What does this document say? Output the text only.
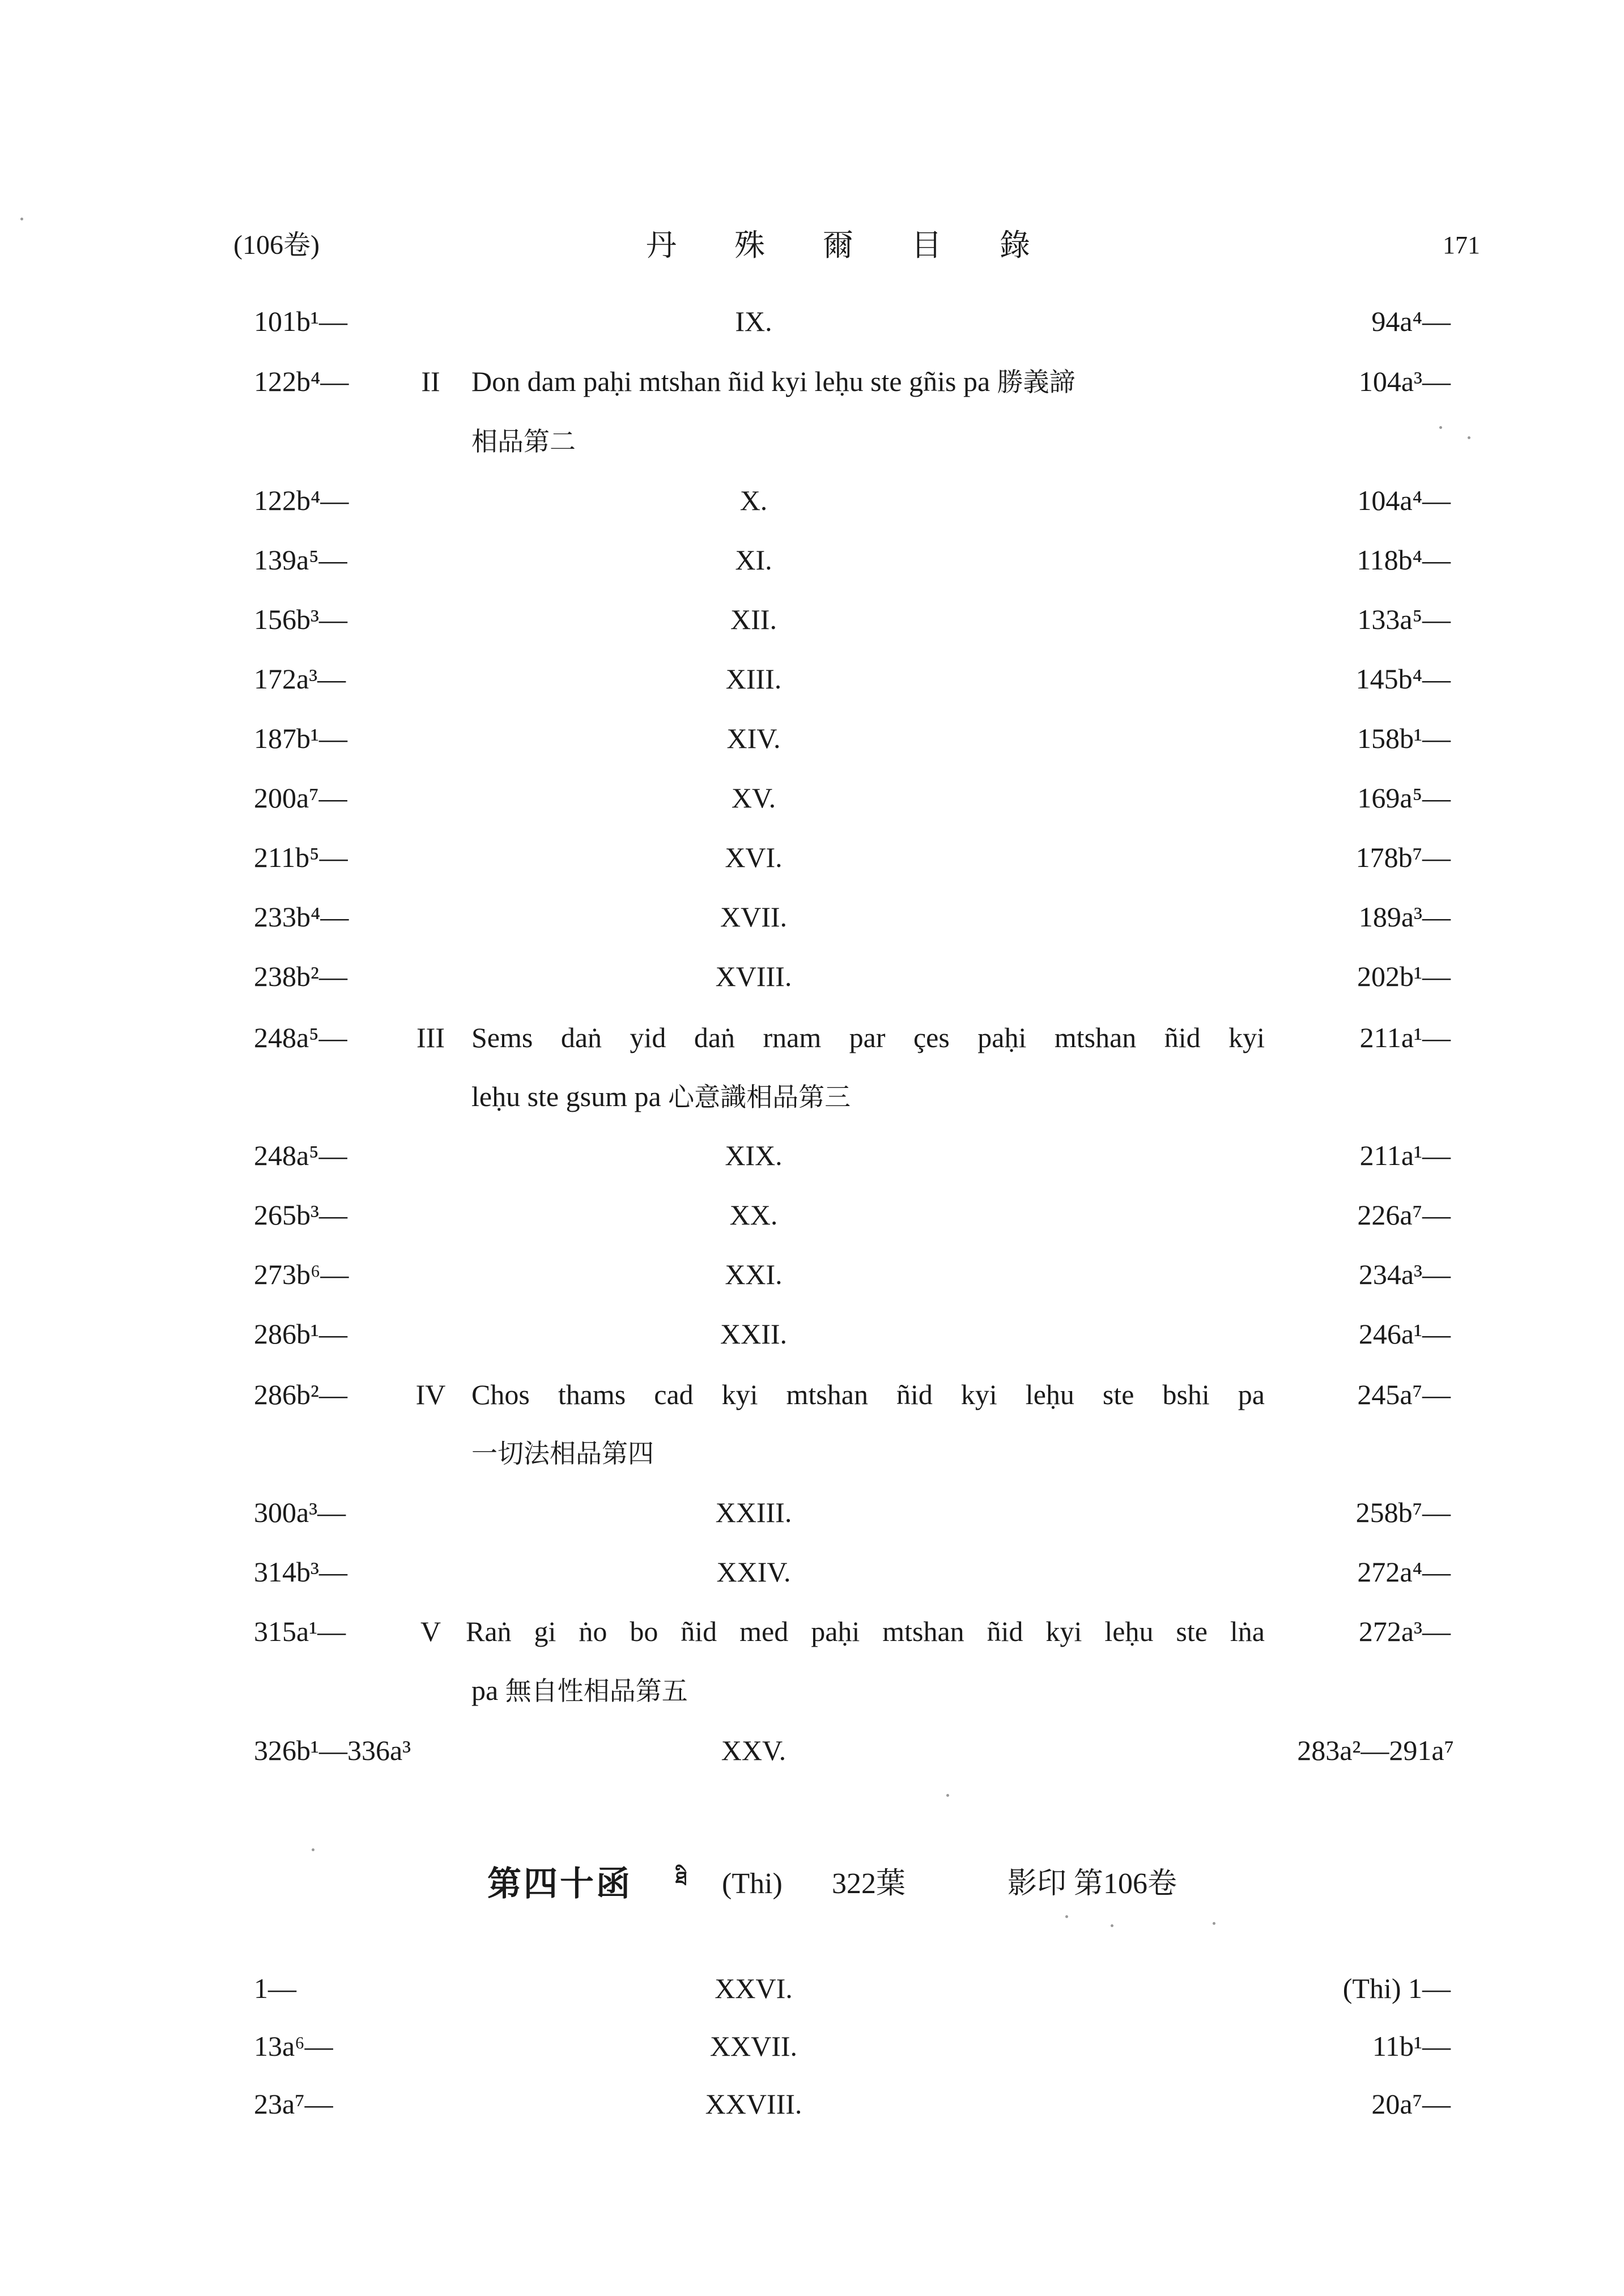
(106卷)	丹殊爾目錄	171
101b¹—	IX.	94a⁴—
122b⁴—	II	Don dam paḥi mtshan ñid kyi leḥu ste gñis pa 勝義諦	104a³—
相品第二
122b⁴—	X.	104a⁴—
139a⁵—	XI.	118b⁴—
156b³—	XII.	133a⁵—
172a³—	XIII.	145b⁴—
187b¹—	XIV.	158b¹—
200a⁷—	XV.	169a⁵—
211b⁵—	XVI.	178b⁷—
233b⁴—	XVII.	189a³—
238b²—	XVIII.	202b¹—
248a⁵—	III Sems daṅ yid daṅ rnam par çes paḥi mtshan ñid kyi	211a¹—
leḥu ste gsum pa 心意識相品第三
248a⁵—	XIX.	211a¹—
265b³—	XX.	226a⁷—
273b⁶—	XXI.	234a³—
286b¹—	XXII.	246a¹—
286b²—	IV Chos thams cad kyi mtshan ñid kyi leḥu ste bshi pa	245a⁷—
一切法相品第四
300a³—	XXIII.	258b⁷—
314b³—	XXIV.	272a⁴—
315a¹—	V Raṅ gi ṅo bo ñid med paḥi mtshan ñid kyi leḥu ste lṅa	272a³—
pa 無自性相品第五
326b¹—336a³	XXV.	283a²—291a⁷
第四十函 ཐི (Thi) 322葉	影印 第106卷
1—	XXVI.	(Thi) 1—
13a⁶—	XXVII.	11b¹—
23a⁷—	XXVIII.	20a⁷—
